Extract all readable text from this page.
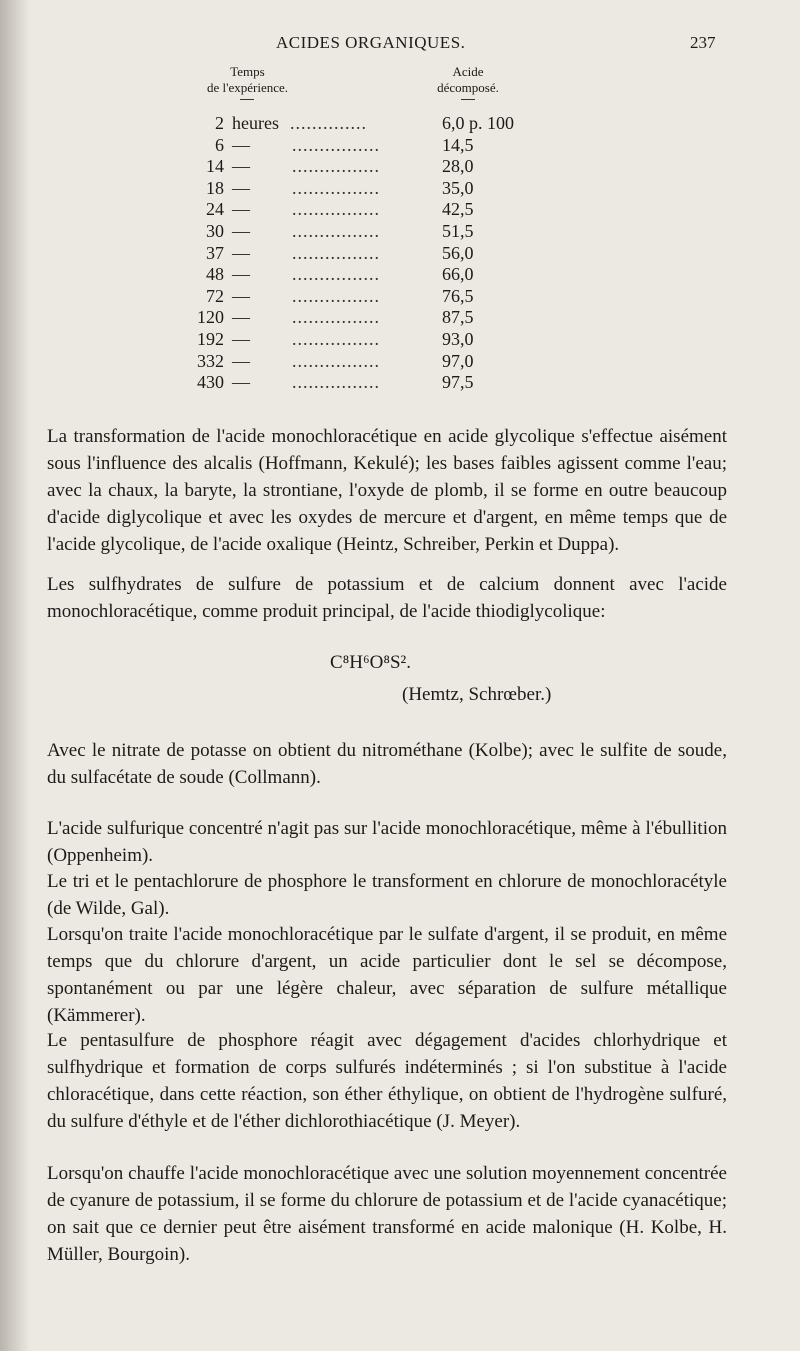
ACIDES ORGANIQUES.	237
Temps
de l'expérience.
Acide
décomposé.
2 heures ..............	6,0 p. 100
6 — ................	14,5
14 — ................	28,0
18 — ................	35,0
24 — ................	42,5
30 — ................	51,5
37 — ................	56,0
48 — ................	66,0
72 — ................	76,5
120 — ................	87,5
192 — ................	93,0
332 — ................	97,0
430 — ................	97,5

La transformation de l'acide monochloracétique en acide glycolique s'effectue aisément sous l'influence des alcalis (Hoffmann, Kekulé); les bases faibles agissent comme l'eau; avec la chaux, la baryte, la strontiane, l'oxyde de plomb, il se forme en outre beaucoup d'acide diglycolique et avec les oxydes de mercure et d'argent, en même temps que de l'acide glycolique, de l'acide oxalique (Heintz, Schreiber, Perkin et Duppa).

Les sulfhydrates de sulfure de potassium et de calcium donnent avec l'acide monochloracétique, comme produit principal, de l'acide thiodiglycolique:

C⁸H⁶O⁸S².
(Hemtz, Schrœber.)

Avec le nitrate de potasse on obtient du nitrométhane (Kolbe); avec le sulfite de soude, du sulfacétate de soude (Collmann).

L'acide sulfurique concentré n'agit pas sur l'acide monochloracétique, même à l'ébullition (Oppenheim).

Le tri et le pentachlorure de phosphore le transforment en chlorure de monochloracétyle (de Wilde, Gal).

Lorsqu'on traite l'acide monochloracétique par le sulfate d'argent, il se produit, en même temps que du chlorure d'argent, un acide particulier dont le sel se décompose, spontanément ou par une légère chaleur, avec séparation de sulfure métallique (Kämmerer).

Le pentasulfure de phosphore réagit avec dégagement d'acides chlorhydrique et sulfhydrique et formation de corps sulfurés indéterminés ; si l'on substitue à l'acide chloracétique, dans cette réaction, son éther éthylique, on obtient de l'hydrogène sulfuré, du sulfure d'éthyle et de l'éther dichlorothiacétique (J. Meyer).

Lorsqu'on chauffe l'acide monochloracétique avec une solution moyennement concentrée de cyanure de potassium, il se forme du chlorure de potassium et de l'acide cyanacétique; on sait que ce dernier peut être aisément transformé en acide malonique (H. Kolbe, H. Müller, Bourgoin).
